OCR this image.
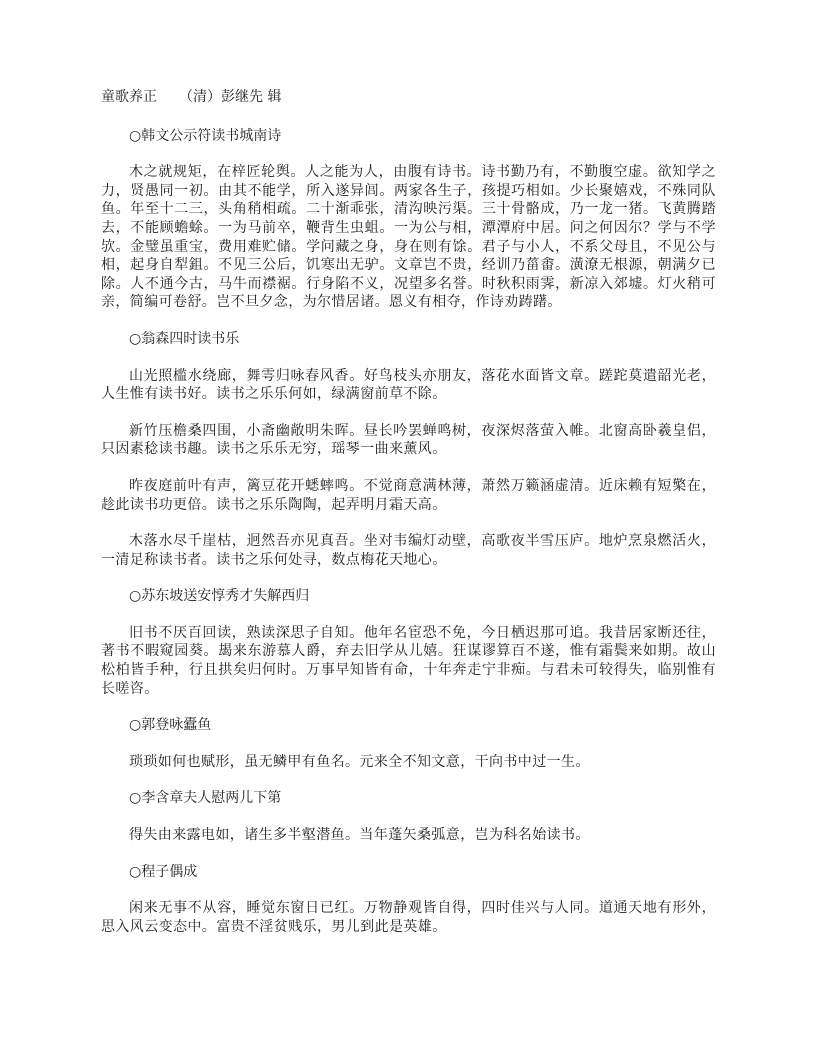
童歌养正 （清）彭继先 辑

○韩文公示符读书城南诗

木之就规矩，在梓匠轮舆。人之能为人，由腹有诗书。诗书勤乃有，不勤腹空虚。欲知学之力，贤愚同一初。由其不能学，所入遂异闾。两家各生子，孩提巧相如。少长聚嬉戏，不殊同队鱼。年至十二三，头角稍相疏。二十渐乖张，清沟映污渠。三十骨骼成，乃一龙一猪。飞黄腾踏去，不能顾蟾蜍。一为马前卒，鞭背生虫蛆。一为公与相，潭潭府中居。问之何因尔？学与不学欤。金璧虽重宝，费用难贮储。学问藏之身，身在则有馀。君子与小人，不系父母且，不见公与相，起身自犁鉏。不见三公后，饥寒出无驴。文章岂不贵，经训乃菑畬。潢潦无根源，朝满夕已除。人不通今古，马牛而襟裾。行身陷不义，况望多名誉。时秋积雨霁，新凉入郊墟。灯火稍可亲，简编可卷舒。岂不旦夕念，为尔惜居诸。恩义有相夺，作诗劝踌躇。

○翁森四时读书乐

山光照槛水绕廊，舞雩归咏春风香。好鸟枝头亦朋友，落花水面皆文章。蹉跎莫遣韶光老，人生惟有读书好。读书之乐乐何如，绿满窗前草不除。

新竹压檐桑四围，小斋幽敞明朱晖。昼长吟罢蝉鸣树，夜深烬落萤入帷。北窗高卧羲皇侣，只因素稔读书趣。读书之乐乐无穷，瑶琴一曲来薰风。

昨夜庭前叶有声，篱豆花开蟋蟀鸣。不觉商意满林薄，萧然万籁涵虚清。近床赖有短檠在，趁此读书功更倍。读书之乐乐陶陶，起弄明月霜天高。

木落水尽千崖枯，迥然吾亦见真吾。坐对韦编灯动壁，高歌夜半雪压庐。地炉烹泉燃活火，一清足称读书者。读书之乐何处寻，数点梅花天地心。

○苏东坡送安惇秀才失解西归

旧书不厌百回读，熟读深思子自知。他年名宦恐不免，今日栖迟那可追。我昔居家断还往，著书不暇窥园葵。朅来东游慕人爵，弃去旧学从儿嬉。狂谋谬算百不遂，惟有霜鬓来如期。故山松柏皆手种，行且拱矣归何时。万事早知皆有命，十年奔走宁非痴。与君未可较得失，临别惟有长嗟咨。

○郭登咏蠹鱼

琐琐如何也赋形，虽无鳞甲有鱼名。元来全不知文意，干向书中过一生。

○李含章夫人慰两儿下第

得失由来露电如，诸生多半壑潜鱼。当年蓬矢桑弧意，岂为科名始读书。

○程子偶成

闲来无事不从容，睡觉东窗日已红。万物静观皆自得，四时佳兴与人同。道通天地有形外，思入风云变态中。富贵不淫贫贱乐，男儿到此是英雄。
